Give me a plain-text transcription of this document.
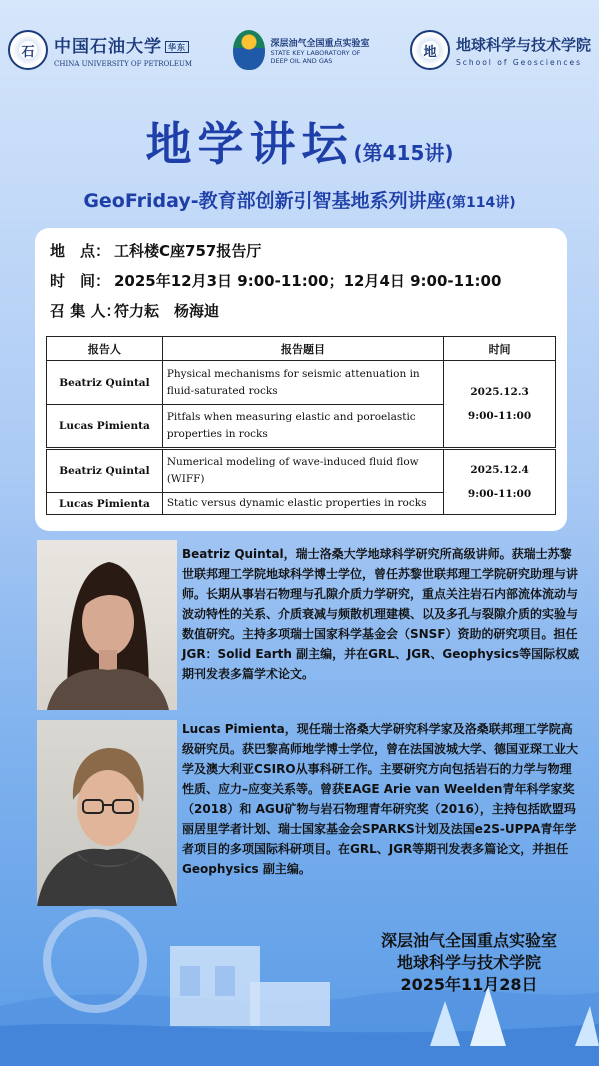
石	中国石油大学 华东
CHINA UNIVERSITY OF PETROLEUM
深层油气全国重点实验室
STATE KEY LABORATORY OF
DEEP OIL AND GAS
地	地球科学与技术学院
School of Geosciences
地学讲坛(第415讲)
GeoFriday-教育部创新引智基地系列讲座(第114讲)
地　点： 工科楼C座757报告厅
时　间： 2025年12月3日 9:00-11:00；12月4日 9:00-11:00
召 集 人：符力耘　杨海迪
报告人	报告题目	时间
Beatriz Quintal	Physical mechanisms for seismic attenuation in fluid-saturated rocks	2025.12.3
9:00-11:00

Lucas Pimienta	Pitfals when measuring elastic and poroelastic properties in rocks	
Beatriz Quintal	Numerical modeling of wave-induced fluid flow (WIFF)	2025.12.4
9:00-11:00

Lucas Pimienta	Static versus dynamic elastic properties in rocks	
Beatriz Quintal，瑞士洛桑大学地球科学研究所高级讲师。获瑞士苏黎世联邦理工学院地球科学博士学位，曾任苏黎世联邦理工学院研究助理与讲师。长期从事岩石物理与孔隙介质力学研究，重点关注岩石内部流体流动与波动特性的关系、介质衰减与频散机理建模、以及多孔与裂隙介质的实验与数值研究。主持多项瑞士国家科学基金会（SNSF）资助的研究项目。担任JGR：Solid Earth 副主编，并在GRL、JGR、Geophysics等国际权威期刊发表多篇学术论文。
Lucas Pimienta，现任瑞士洛桑大学研究科学家及洛桑联邦理工学院高级研究员。获巴黎高师地学博士学位，曾在法国波城大学、德国亚琛工业大学及澳大利亚CSIRO从事科研工作。主要研究方向包括岩石的力学与物理性质、应力–应变关系等。曾获EAGE Arie van Weelden青年科学家奖（2018）和 AGU矿物与岩石物理青年研究奖（2016），主持包括欧盟玛丽居里学者计划、瑞士国家基金会SPARKS计划及法国e2S-UPPA青年学者项目的多项国际科研项目。在GRL、JGR等期刊发表多篇论文，并担任 Geophysics 副主编。
深层油气全国重点实验室
地球科学与技术学院
2025年11月28日
